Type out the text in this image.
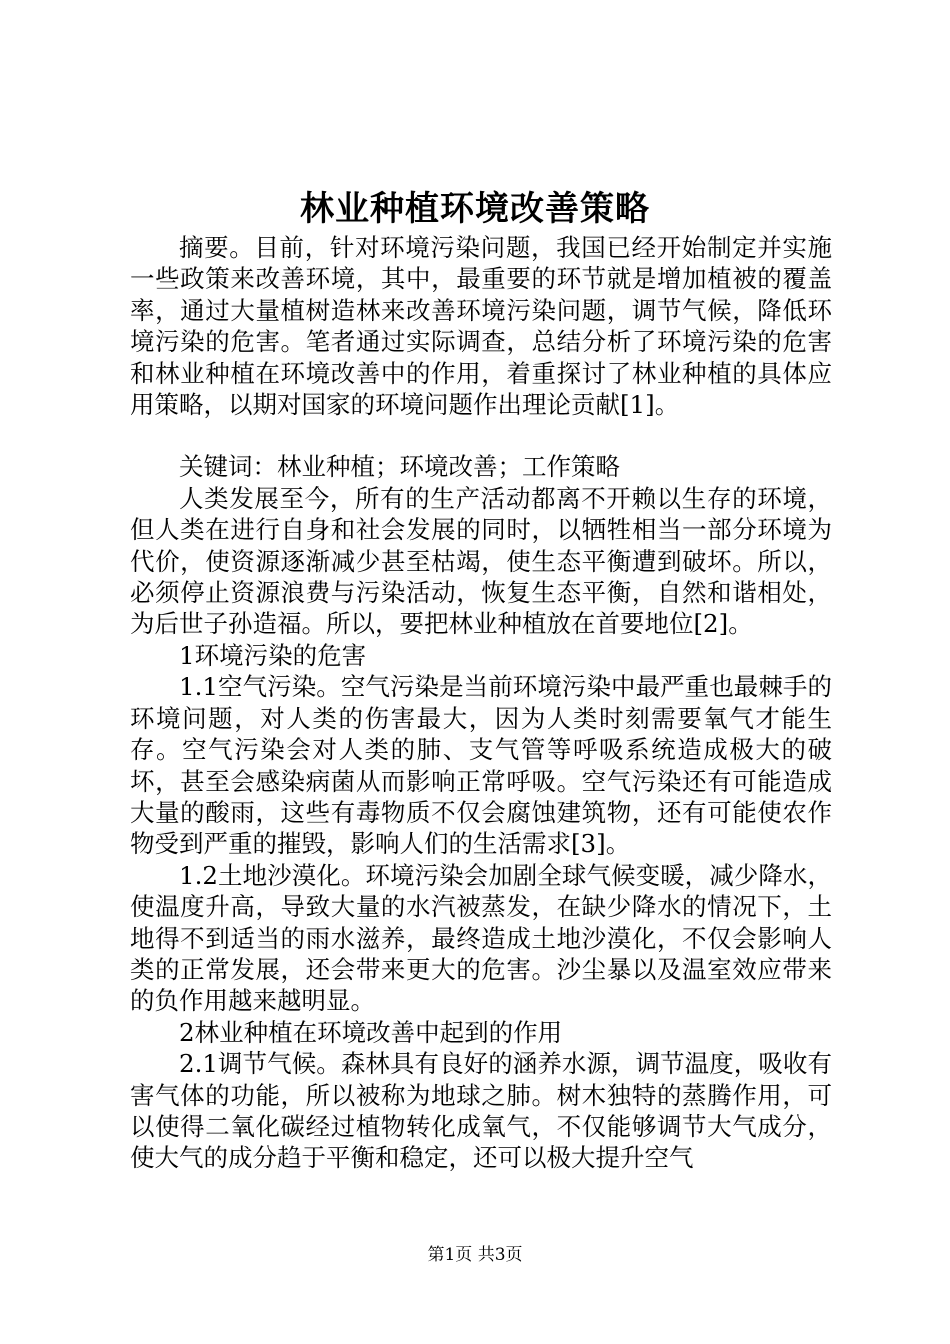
林业种植环境改善策略

摘要。目前，针对环境污染问题，我国已经开始制定并实施一些政策来改善环境，其中，最重要的环节就是增加植被的覆盖率，通过大量植树造林来改善环境污染问题，调节气候，降低环境污染的危害。笔者通过实际调查，总结分析了环境污染的危害和林业种植在环境改善中的作用，着重探讨了林业种植的具体应用策略，以期对国家的环境问题作出理论贡献[1]。

关键词：林业种植；环境改善；工作策略

人类发展至今，所有的生产活动都离不开赖以生存的环境，但人类在进行自身和社会发展的同时，以牺牲相当一部分环境为代价，使资源逐渐减少甚至枯竭，使生态平衡遭到破坏。所以，必须停止资源浪费与污染活动，恢复生态平衡，自然和谐相处，为后世子孙造福。所以，要把林业种植放在首要地位[2]。

1环境污染的危害

1.1空气污染。空气污染是当前环境污染中最严重也最棘手的环境问题，对人类的伤害最大，因为人类时刻需要氧气才能生存。空气污染会对人类的肺、支气管等呼吸系统造成极大的破坏，甚至会感染病菌从而影响正常呼吸。空气污染还有可能造成大量的酸雨，这些有毒物质不仅会腐蚀建筑物，还有可能使农作物受到严重的摧毁，影响人们的生活需求[3]。

1.2土地沙漠化。环境污染会加剧全球气候变暖，减少降水，使温度升高，导致大量的水汽被蒸发，在缺少降水的情况下，土地得不到适当的雨水滋养，最终造成土地沙漠化，不仅会影响人类的正常发展，还会带来更大的危害。沙尘暴以及温室效应带来的负作用越来越明显。

2林业种植在环境改善中起到的作用

2.1调节气候。森林具有良好的涵养水源，调节温度，吸收有害气体的功能，所以被称为地球之肺。树木独特的蒸腾作用，可以使得二氧化碳经过植物转化成氧气，不仅能够调节大气成分，使大气的成分趋于平衡和稳定，还可以极大提升空气

第1页 共3页
